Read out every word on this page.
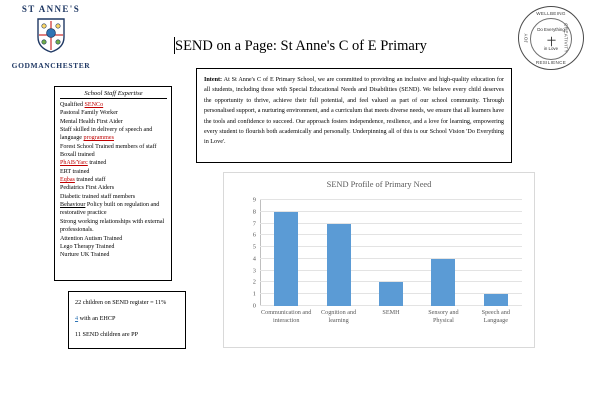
ST ANNE'S
GODMANCHESTER
WELLBEING
CREATIVITY
RESILIENCE
JOY
Do Everything
in Love
SEND on a Page: St Anne's C of E Primary
School Staff Expertise
Qualified SENCo
Pastoral Family Worker
Mental Health First Aider
Staff skilled in delivery of speech and language programmes
Forest School Trained members of staff
Boxall trained
PhAB/Yarc trained
ERT trained
Eqbas trained staff
Pediatrics First Aiders
Diabetic trained staff members
Behaviour Policy built on regulation and restorative practice
Strong working relationships with external professionals.
Attention Autism Trained
Lego Therapy Trained
Nurture UK Trained

22 children on SEND register = 11%

4 with an EHCP

11 SEND children are PP

Intent: At St Anne's C of E Primary School, we are committed to providing an inclusive and high-quality education for all students, including those with Special Educational Needs and Disabilities (SEND). We believe every child deserves the opportunity to thrive, achieve their full potential, and feel valued as part of our school community. Through personalised support, a nurturing environment, and a curriculum that meets diverse needs, we ensure that all learners have the tools and confidence to succeed. Our approach fosters independence, resilience, and a love for learning, empowering every student to flourish both academically and personally. Underpinning all of this is our School Vision 'Do Everything in Love'.

SEND Profile of Primary Need
9
8
7
6
5
4
3
2
1
0
Communication and interaction
Cognition and learning
SEMH	Sensory and Physical
Speech and Language
